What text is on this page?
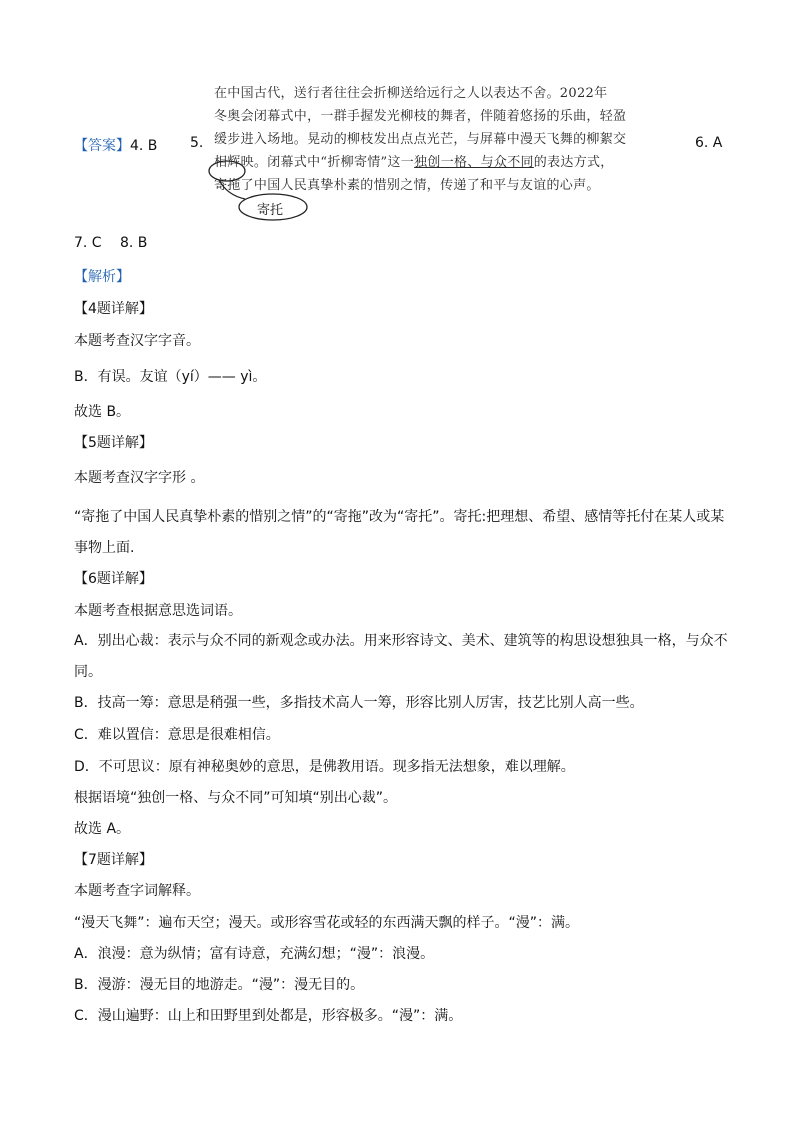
【答案】4. B 5.	6. A
在中国古代，送行者往往会折柳送给远行之人以表达不舍。2022年
冬奥会闭幕式中，一群手握发光柳枝的舞者，伴随着悠扬的乐曲，轻盈
缓步进入场地。晃动的柳枝发出点点光芒，与屏幕中漫天飞舞的柳絮交
相辉映。闭幕式中“折柳寄情”这一独创一格、与众不同的表达方式，
寄拖了中国人民真挚朴素的惜别之情，传递了和平与友谊的心声。
寄托
7. C 8. B
【解析】
【4题详解】
本题考查汉字字音。
B．有误。友谊（yí）—— yì。
故选 B。
【5题详解】
本题考查汉字字形 。
“寄拖了中国人民真挚朴素的惜别之情”的“寄拖”改为“寄托”。寄托:把理想、希望、感情等托付在某人或某事物上面.
【6题详解】
本题考查根据意思选词语。
A．别出心裁：表示与众不同的新观念或办法。用来形容诗文、美术、建筑等的构思设想独具一格，与众不同。
B．技高一筹：意思是稍强一些，多指技术高人一筹，形容比别人厉害，技艺比别人高一些。
C．难以置信：意思是很难相信。
D．不可思议：原有神秘奥妙的意思，是佛教用语。现多指无法想象，难以理解。
根据语境“独创一格、与众不同”可知填“别出心裁”。
故选 A。
【7题详解】
本题考查字词解释。
“漫天飞舞”：遍布天空；漫天。或形容雪花或轻的东西满天飘的样子。“漫”：满。
A．浪漫：意为纵情；富有诗意，充满幻想；“漫”：浪漫。
B．漫游：漫无目的地游走。“漫”：漫无目的。
C．漫山遍野：山上和田野里到处都是，形容极多。“漫”：满。
